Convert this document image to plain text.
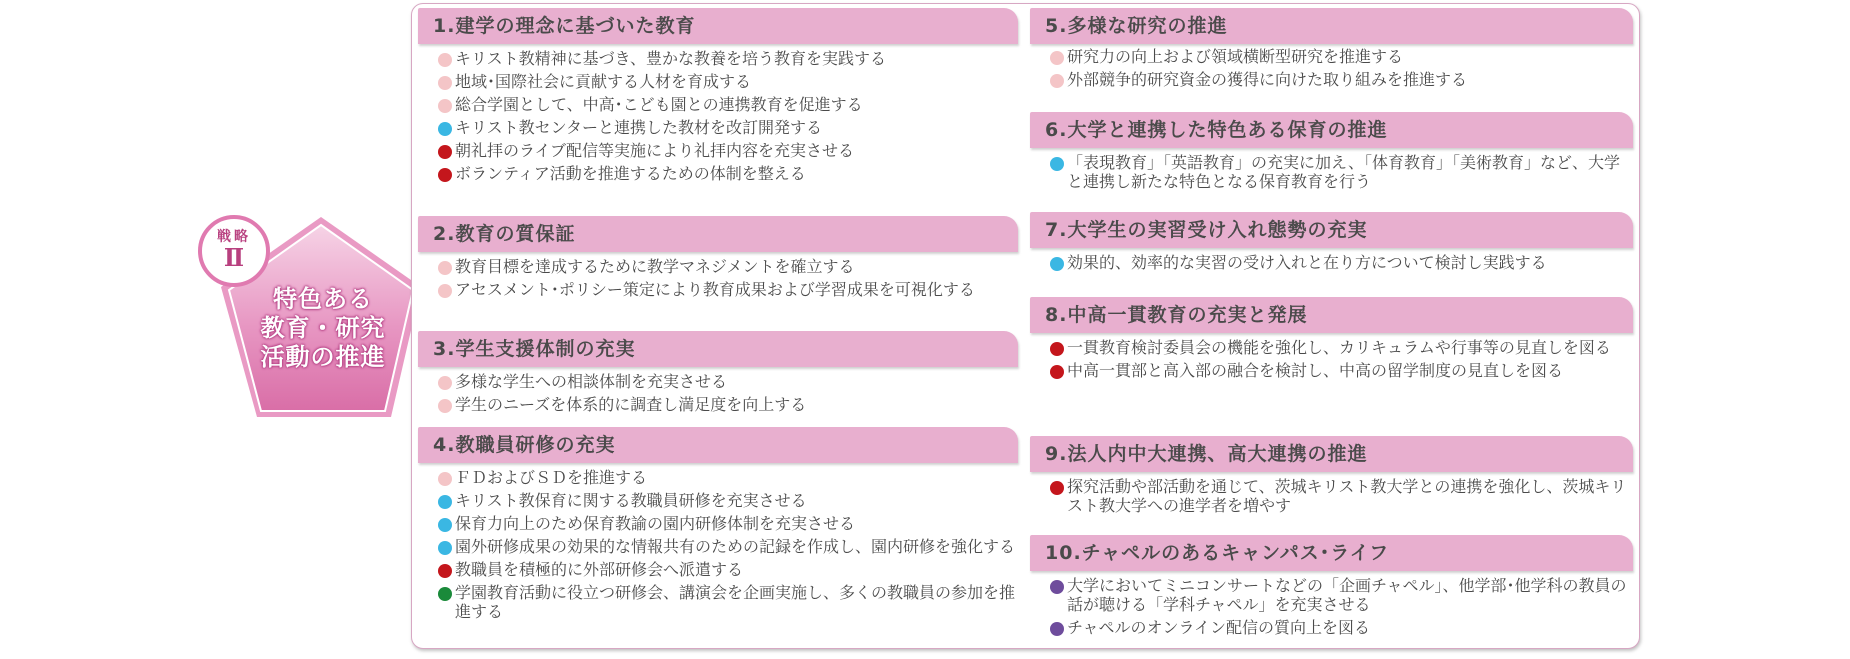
特色ある
教育・研究
活動の推進
戦略
Ⅱ
1.建学の理念に基づいた教育
キリスト教精神に基づき、豊かな教養を培う教育を実践する
地域･国際社会に貢献する人材を育成する
総合学園として、中高･こども園との連携教育を促進する
キリスト教センターと連携した教材を改訂開発する
朝礼拝のライブ配信等実施により礼拝内容を充実させる
ボランティア活動を推進するための体制を整える
2.教育の質保証
教育目標を達成するために教学マネジメントを確立する
アセスメント･ポリシー策定により教育成果および学習成果を可視化する
3.学生支援体制の充実
多様な学生への相談体制を充実させる
学生のニーズを体系的に調査し満足度を向上する
4.教職員研修の充実
ＦＤおよびＳＤを推進する
キリスト教保育に関する教職員研修を充実させる
保育力向上のため保育教諭の園内研修体制を充実させる
園外研修成果の効果的な情報共有のための記録を作成し、園内研修を強化する
教職員を積極的に外部研修会へ派遣する
学園教育活動に役立つ研修会、講演会を企画実施し、多くの教職員の参加を推進する
5.多様な研究の推進
研究力の向上および領域横断型研究を推進する
外部競争的研究資金の獲得に向けた取り組みを推進する
6.大学と連携した特色ある保育の推進
「表現教育」「英語教育」の充実に加え、「体育教育」「美術教育」など、大学と連携し新たな特色となる保育教育を行う
7.大学生の実習受け入れ態勢の充実
効果的、効率的な実習の受け入れと在り方について検討し実践する
8.中高一貫教育の充実と発展
一貫教育検討委員会の機能を強化し、カリキュラムや行事等の見直しを図る
中高一貫部と高入部の融合を検討し、中高の留学制度の見直しを図る
9.法人内中大連携、高大連携の推進
探究活動や部活動を通じて、茨城キリスト教大学との連携を強化し、茨城キリスト教大学への進学者を増やす
10.チャペルのあるキャンパス･ライフ
大学においてミニコンサートなどの「企画チャペル」、他学部･他学科の教員の話が聴ける「学科チャペル」を充実させる
チャペルのオンライン配信の質向上を図る
